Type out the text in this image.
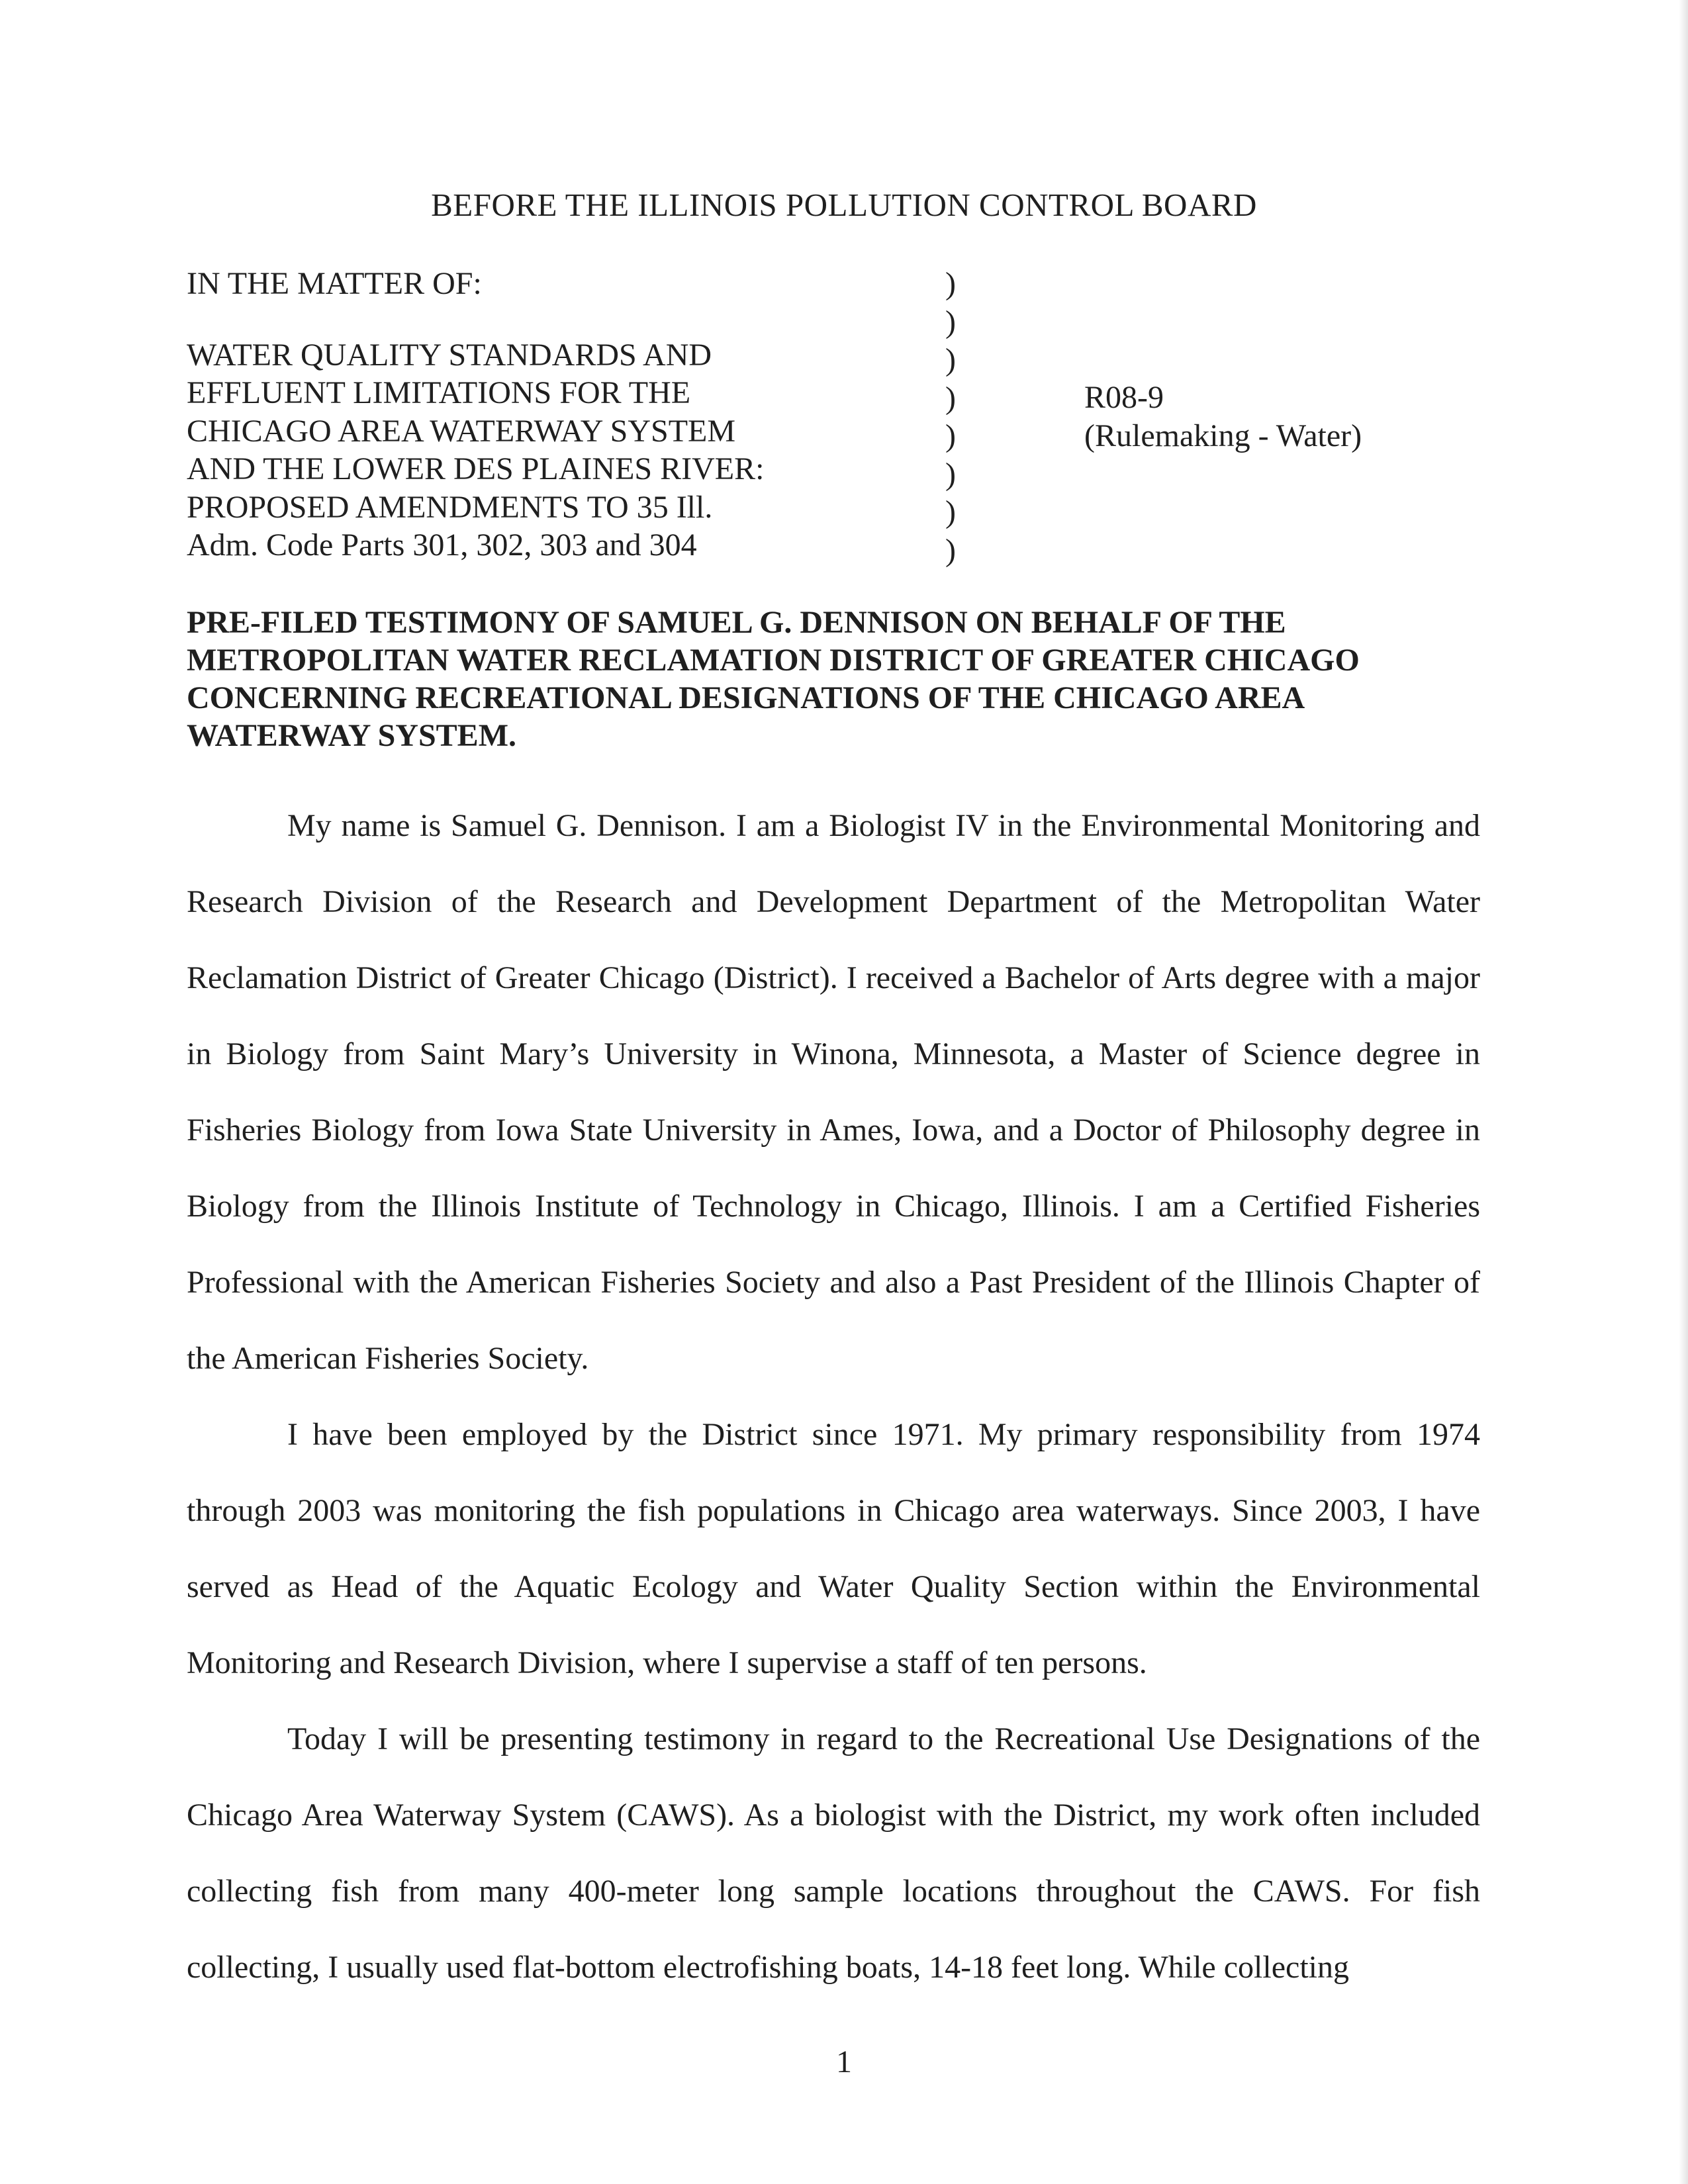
BEFORE THE ILLINOIS POLLUTION CONTROL BOARD
IN THE MATTER OF:
WATER QUALITY STANDARDS AND
EFFLUENT LIMITATIONS FOR THE
CHICAGO AREA WATERWAY SYSTEM
AND THE LOWER DES PLAINES RIVER:
PROPOSED AMENDMENTS TO 35 Ill.
Adm. Code Parts 301, 302, 303 and 304
)
)
)
)
)
)
)
)
R08-9
(Rulemaking - Water)
PRE-FILED TESTIMONY OF SAMUEL G. DENNISON ON BEHALF OF THE
METROPOLITAN WATER RECLAMATION DISTRICT OF GREATER CHICAGO
CONCERNING RECREATIONAL DESIGNATIONS OF THE CHICAGO AREA
WATERWAY SYSTEM.

My name is Samuel G. Dennison. I am a Biologist IV in the Environmental Monitoring and Research Division of the Research and Development Department of the Metropolitan Water Reclamation District of Greater Chicago (District). I received a Bachelor of Arts degree with a major in Biology from Saint Mary’s University in Winona, Minnesota, a Master of Science degree in Fisheries Biology from Iowa State University in Ames, Iowa, and a Doctor of Philosophy degree in Biology from the Illinois Institute of Technology in Chicago, Illinois. I am a Certified Fisheries Professional with the American Fisheries Society and also a Past President of the Illinois Chapter of the American Fisheries Society.

I have been employed by the District since 1971. My primary responsibility from 1974 through 2003 was monitoring the fish populations in Chicago area waterways. Since 2003, I have served as Head of the Aquatic Ecology and Water Quality Section within the Environmental Monitoring and Research Division, where I supervise a staff of ten persons.

Today I will be presenting testimony in regard to the Recreational Use Designations of the Chicago Area Waterway System (CAWS). As a biologist with the District, my work often included collecting fish from many 400-meter long sample locations throughout the CAWS. For fish collecting, I usually used flat-bottom electrofishing boats, 14-18 feet long. While collecting

1
